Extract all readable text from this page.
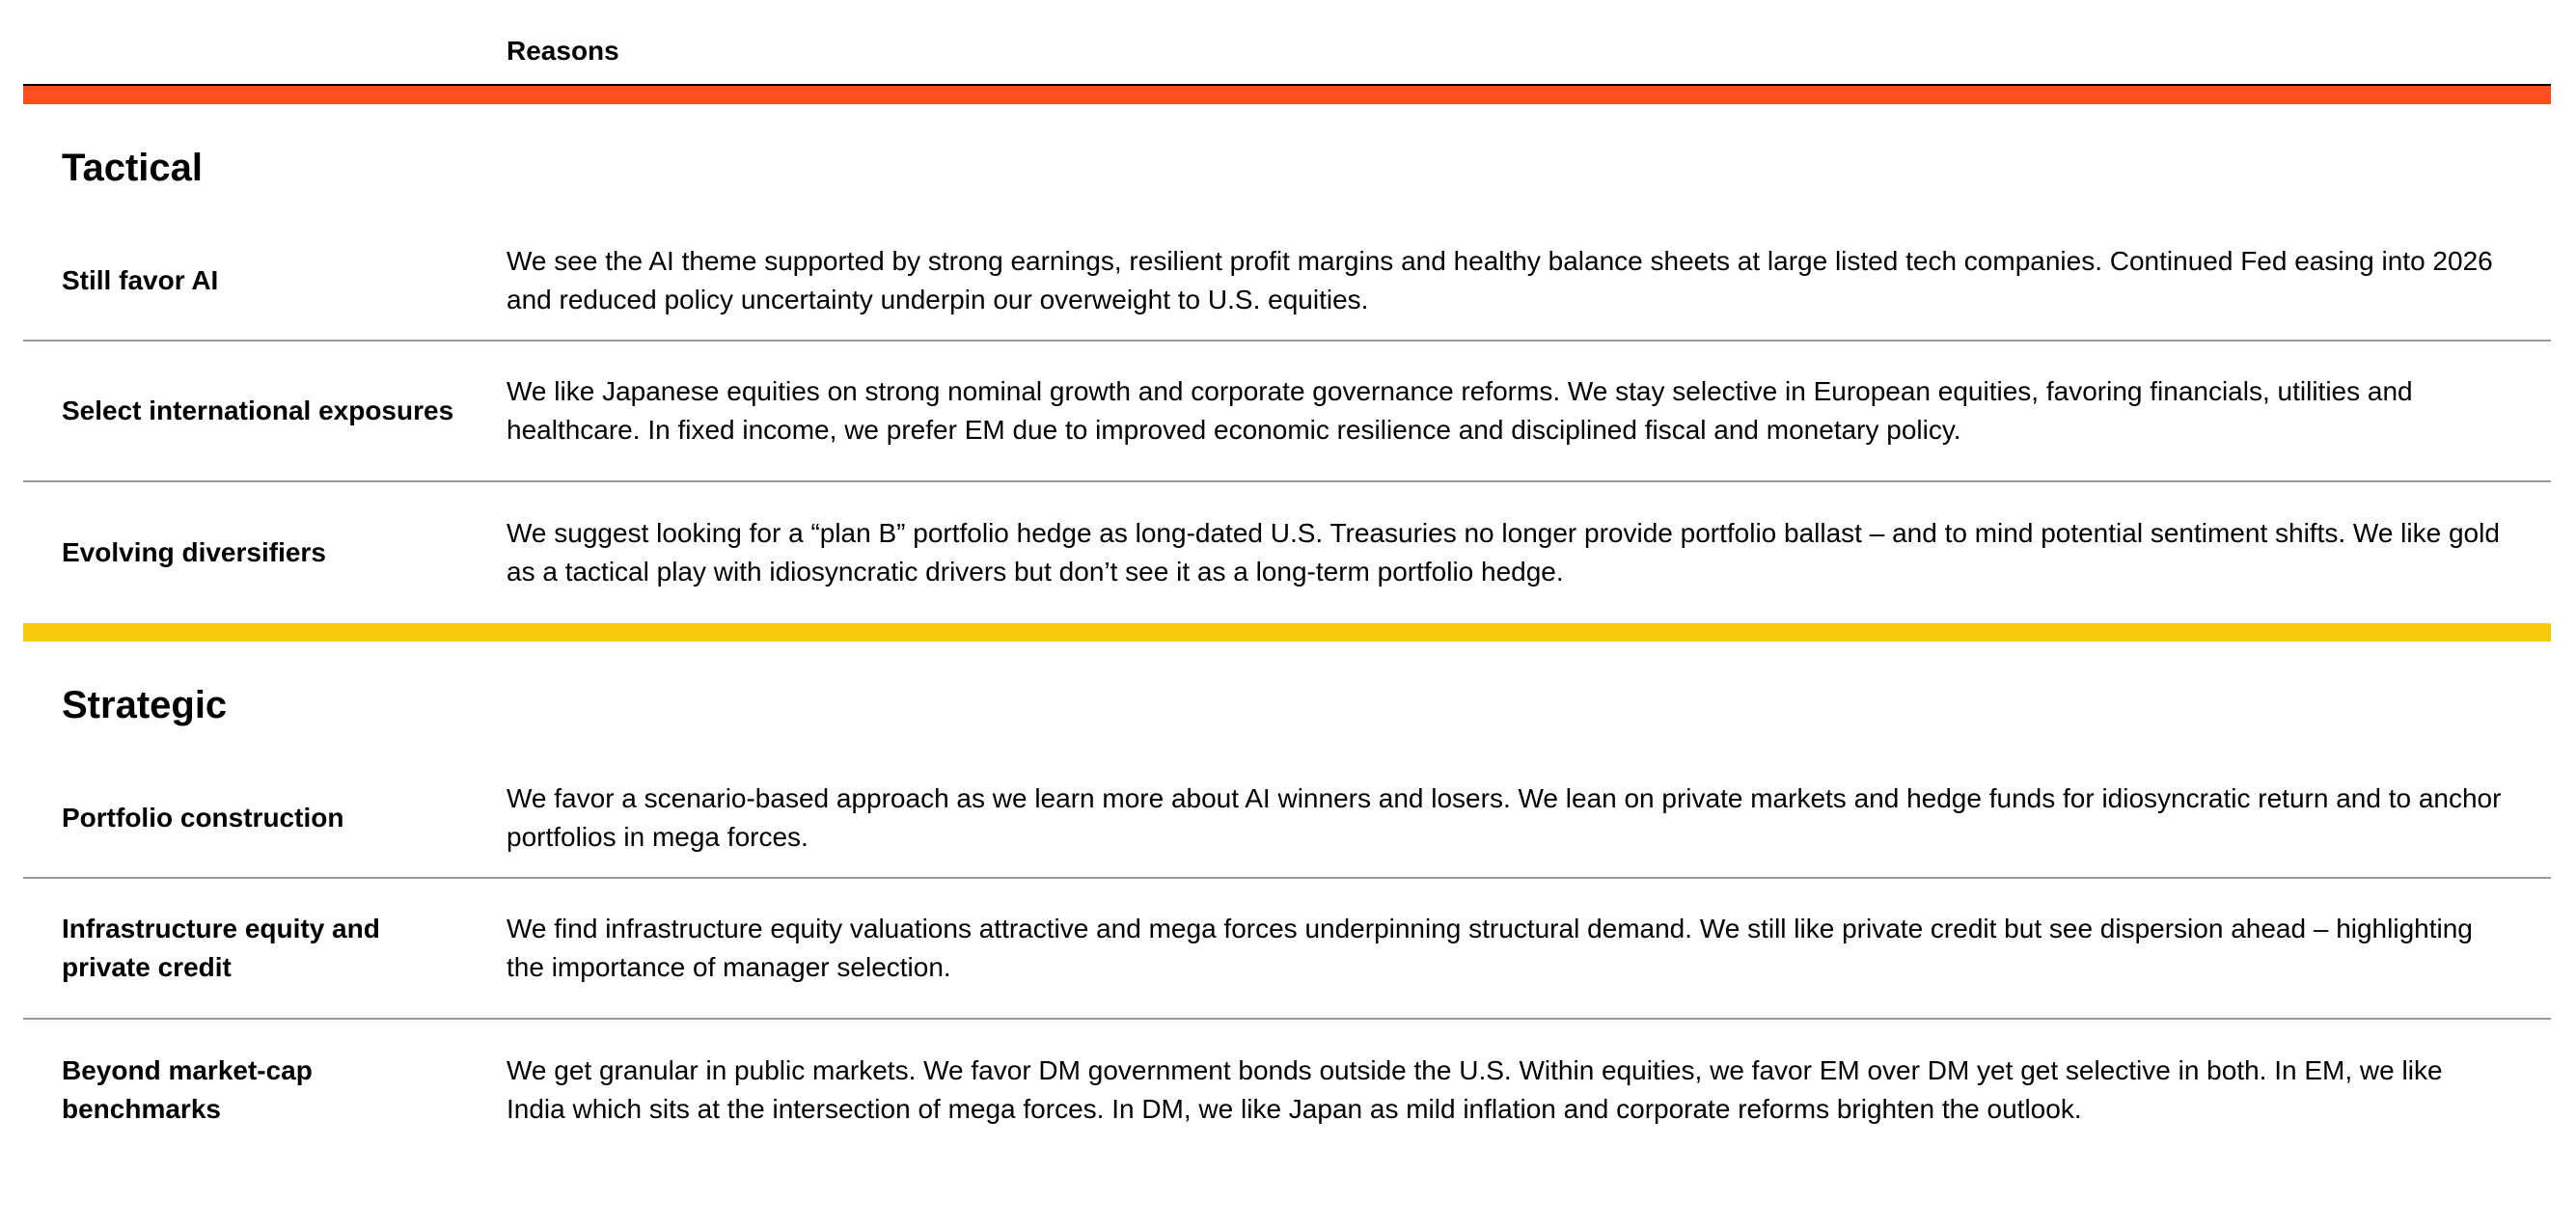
Reasons
Tactical
Still favor AI
We see the AI theme supported by strong earnings, resilient profit margins and healthy balance sheets at large listed tech companies. Continued Fed easing into 2026 and reduced policy uncertainty underpin our overweight to U.S. equities.
Select international exposures
We like Japanese equities on strong nominal growth and corporate governance reforms. We stay selective in European equities, favoring financials, utilities and healthcare. In fixed income, we prefer EM due to improved economic resilience and disciplined fiscal and monetary policy.
Evolving diversifiers
We suggest looking for a “plan B” portfolio hedge as long-dated U.S. Treasuries no longer provide portfolio ballast – and to mind potential sentiment shifts. We like gold as a tactical play with idiosyncratic drivers but don’t see it as a long-term portfolio hedge.
Strategic
Portfolio construction
We favor a scenario-based approach as we learn more about AI winners and losers. We lean on private markets and hedge funds for idiosyncratic return and to anchor portfolios in mega forces.
Infrastructure equity and private credit
We find infrastructure equity valuations attractive and mega forces underpinning structural demand. We still like private credit but see dispersion ahead – highlighting the importance of manager selection.
Beyond market-cap benchmarks
We get granular in public markets. We favor DM government bonds outside the U.S. Within equities, we favor EM over DM yet get selective in both. In EM, we like India which sits at the intersection of mega forces. In DM, we like Japan as mild inflation and corporate reforms brighten the outlook.
